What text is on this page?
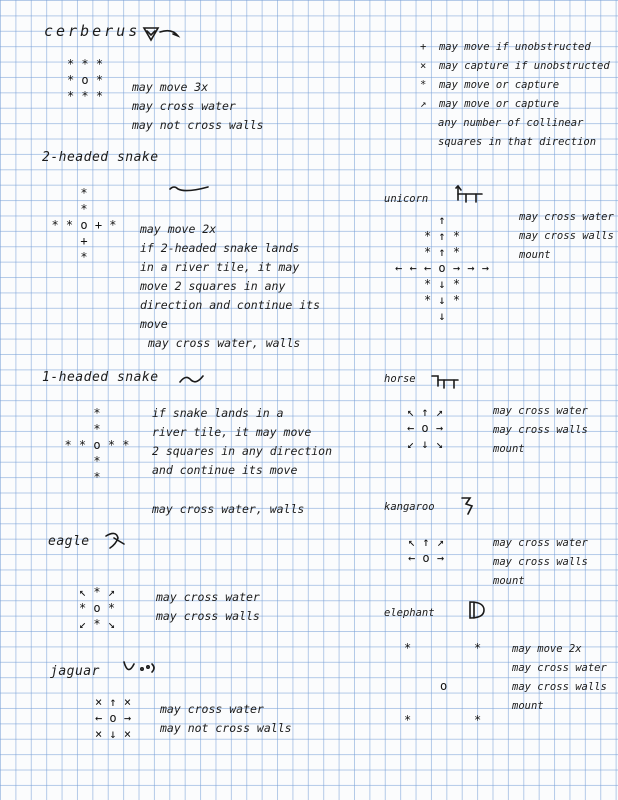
cerberus
* * *
* o *
* * *
may move 3x
may cross water
may not cross walls
+ may move if unobstructed
× may capture if unobstructed
* may move or capture
↗ may move or capture
any number of collinear
squares in that direction
2-headed snake
*
*
* * o + *
+
*
may move 2x
if 2-headed snake lands
in a river tile, it may
move 2 squares in any
direction and continue its
move
may cross water, walls
1-headed snake
*
*
* * o * *
*
*
if snake lands in a
river tile, it may move
2 squares in any direction
and continue its move
may cross water, walls
eagle
↖ * ↗
* o *
↙ * ↘
may cross water
may cross walls
jaguar
× ↑ ×
← o →
× ↓ ×
may cross water
may not cross walls
unicorn
↑
* ↑ *
* ↑ *
← ← ← o → → →
* ↓ *
* ↓ *
↓
may cross water
may cross walls
mount
horse
↖ ↑ ↗
← o →
↙ ↓ ↘
may cross water
may cross walls
mount
kangaroo
↖ ↑ ↗
← o →
may cross water
may cross walls
mount
elephant
*	*
o
*	*
may move 2x
may cross water
may cross walls
mount
